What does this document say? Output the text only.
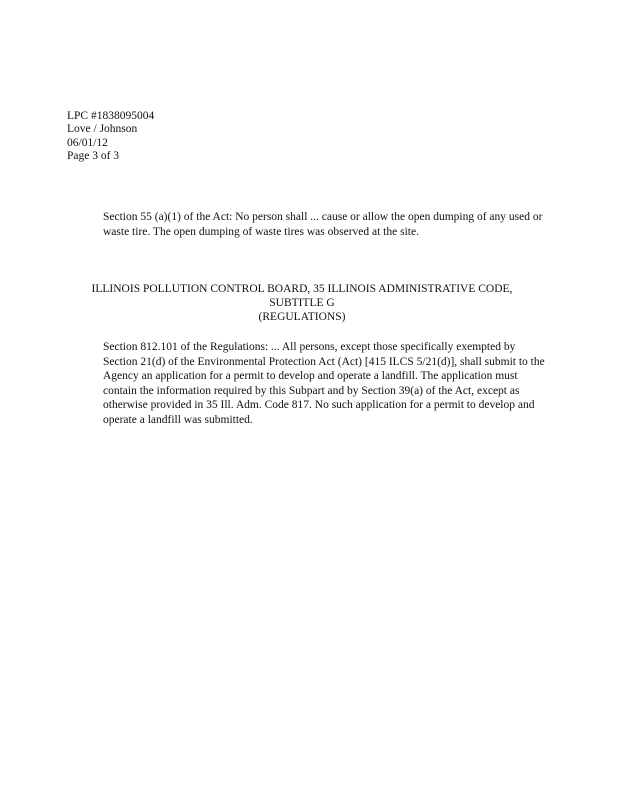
LPC #1838095004
Love / Johnson
06/01/12
Page 3 of 3
Section 55 (a)(1) of the Act: No person shall ... cause or allow the open dumping of any used or waste tire. The open dumping of waste tires was observed at the site.
ILLINOIS POLLUTION CONTROL BOARD, 35 ILLINOIS ADMINISTRATIVE CODE,
SUBTITLE G
(REGULATIONS)
Section 812.101 of the Regulations: ... All persons, except those specifically exempted by Section 21(d) of the Environmental Protection Act (Act) [415 ILCS 5/21(d)], shall submit to the Agency an application for a permit to develop and operate a landfill. The application must contain the information required by this Subpart and by Section 39(a) of the Act, except as otherwise provided in 35 Ill. Adm. Code 817. No such application for a permit to develop and operate a landfill was submitted.
